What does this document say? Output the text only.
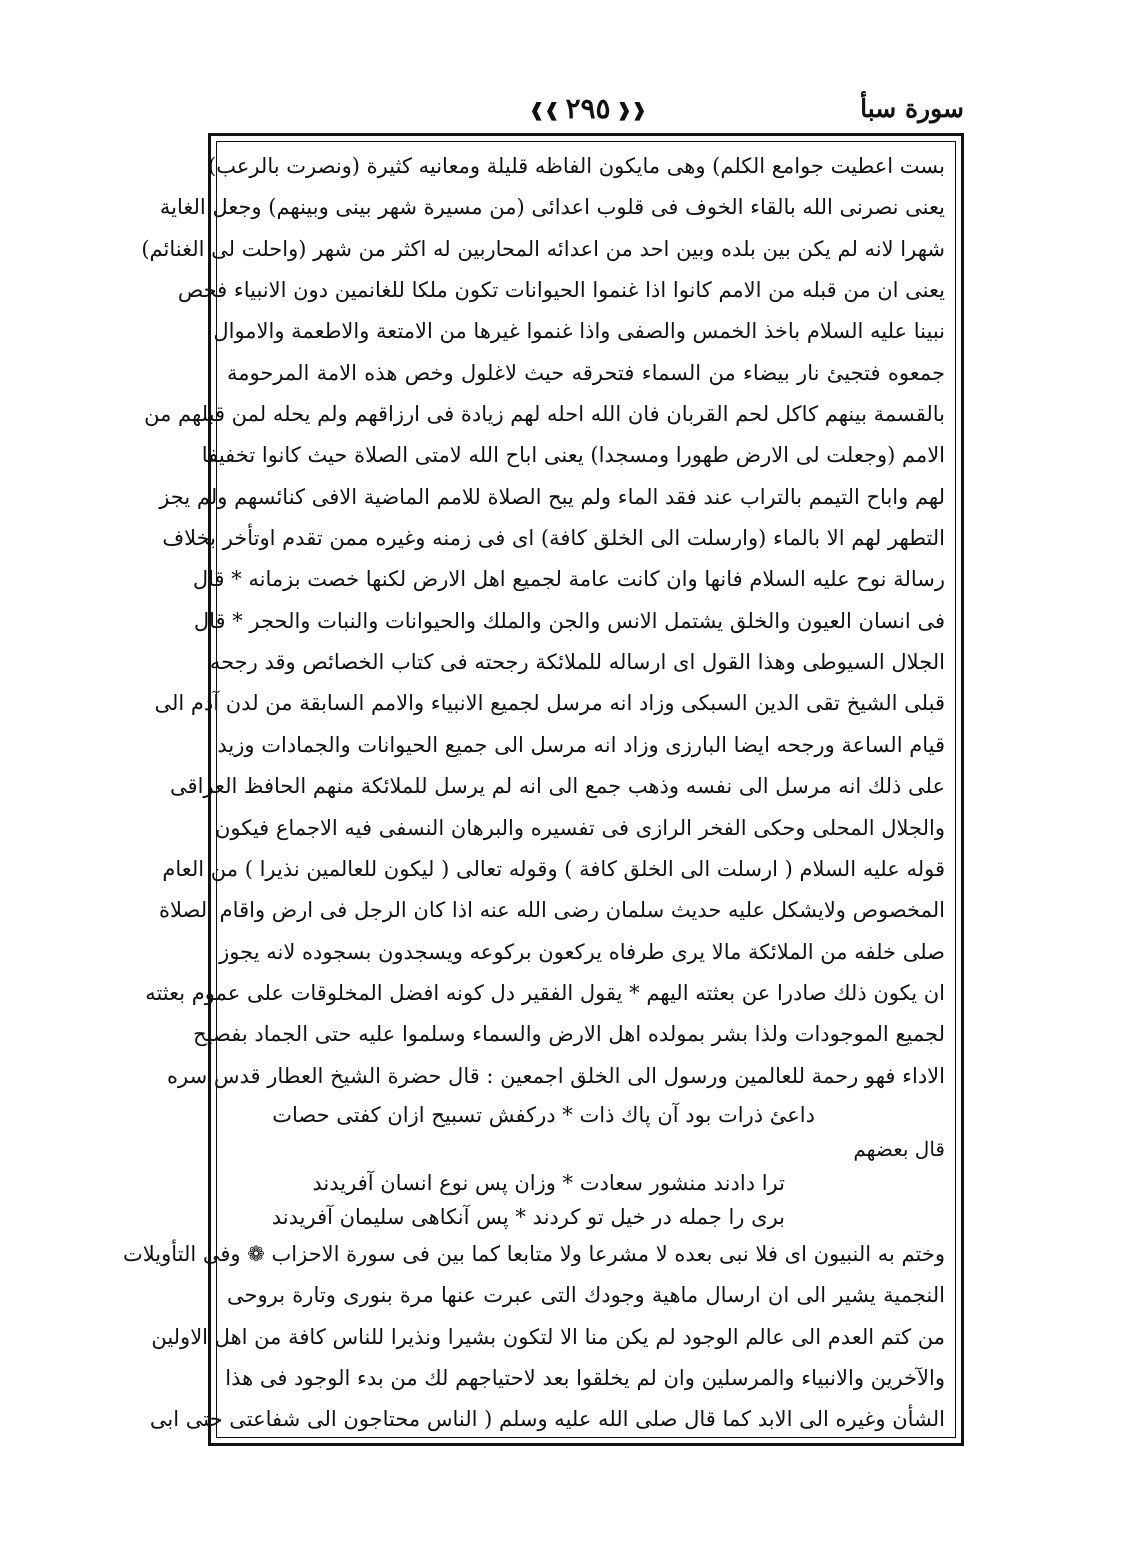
سورة سبأ
❰❰٢٩٥❱❱
بست اعطيت جوامع الكلم) وهى مايكون الفاظه قليلة ومعانيه كثيرة (ونصرت بالرعب)
يعنى نصرنى الله بالقاء الخوف فى قلوب اعدائى (من مسيرة شهر بينى وبينهم) وجعل الغاية
شهرا لانه لم يكن بين بلده وبين احد من اعدائه المحاربين له اكثر من شهر (واحلت لى الغنائم)
يعنى ان من قبله من الامم كانوا اذا غنموا الحيوانات تكون ملكا للغانمين دون الانبياء فخص
نبينا عليه السلام باخذ الخمس والصفى واذا غنموا غيرها من الامتعة والاطعمة والاموال
جمعوه فتجيئ نار بيضاء من السماء فتحرقه حيث لاغلول وخص هذه الامة المرحومة
بالقسمة بينهم كاكل لحم القربان فان الله احله لهم زيادة فى ارزاقهم ولم يحله لمن قبلهم من
الامم (وجعلت لى الارض طهورا ومسجدا) يعنى اباح الله لامتى الصلاة حيث كانوا تخفيفا
لهم واباح التيمم بالتراب عند فقد الماء ولم يبح الصلاة للامم الماضية الافى كنائسهم ولم يجز
التطهر لهم الا بالماء (وارسلت الى الخلق كافة) اى فى زمنه وغيره ممن تقدم اوتأخر بخلاف
رسالة نوح عليه السلام فانها وان كانت عامة لجميع اهل الارض لكنها خصت بزمانه * قال
فى انسان العيون والخلق يشتمل الانس والجن والملك والحيوانات والنبات والحجر * قال
الجلال السيوطى وهذا القول اى ارساله للملائكة رجحته فى كتاب الخصائص وقد رجحه
قبلى الشيخ تقى الدين السبكى وزاد انه مرسل لجميع الانبياء والامم السابقة من لدن آدم الى
قيام الساعة ورجحه ايضا البارزى وزاد انه مرسل الى جميع الحيوانات والجمادات وزيد
على ذلك انه مرسل الى نفسه وذهب جمع الى انه لم يرسل للملائكة منهم الحافظ العراقى
والجلال المحلى وحكى الفخر الرازى فى تفسيره والبرهان النسفى فيه الاجماع فيكون
قوله عليه السلام ( ارسلت الى الخلق كافة ) وقوله تعالى ( ليكون للعالمين نذيرا ) من العام
المخصوص ولايشكل عليه حديث سلمان رضى الله عنه اذا كان الرجل فى ارض واقام الصلاة
صلى خلفه من الملائكة مالا يرى طرفاه يركعون بركوعه ويسجدون بسجوده لانه يجوز
ان يكون ذلك صادرا عن بعثته اليهم * يقول الفقير دل كونه افضل المخلوقات على عموم بعثته
لجميع الموجودات ولذا بشر بمولده اهل الارض والسماء وسلموا عليه حتى الجماد بفصيح
الاداء فهو رحمة للعالمين ورسول الى الخلق اجمعين : قال حضرة الشيخ العطار قدس سره
داعئ ذرات بود آن پاك ذات * دركفش تسبيح ازان كفتى حصات
قال بعضهم
ترا دادند منشور سعادت * وزان پس نوع انسان آفريدند
برى را جمله در خيل تو كردند * پس آنكاهى سليمان آفريدند
وختم به النبيون اى فلا نبى بعده لا مشرعا ولا متابعا كما بين فى سورة الاحزاب ❁ وفى التأويلات
النجمية يشير الى ان ارسال ماهية وجودك التى عبرت عنها مرة بنورى وتارة بروحى
من كتم العدم الى عالم الوجود لم يكن منا الا لتكون بشيرا ونذيرا للناس كافة من اهل الاولين
والآخرين والانبياء والمرسلين وان لم يخلقوا بعد لاحتياجهم لك من بدء الوجود فى هذا
الشأن وغيره الى الابد كما قال صلى الله عليه وسلم ( الناس محتاجون الى شفاعتى حتى ابى
